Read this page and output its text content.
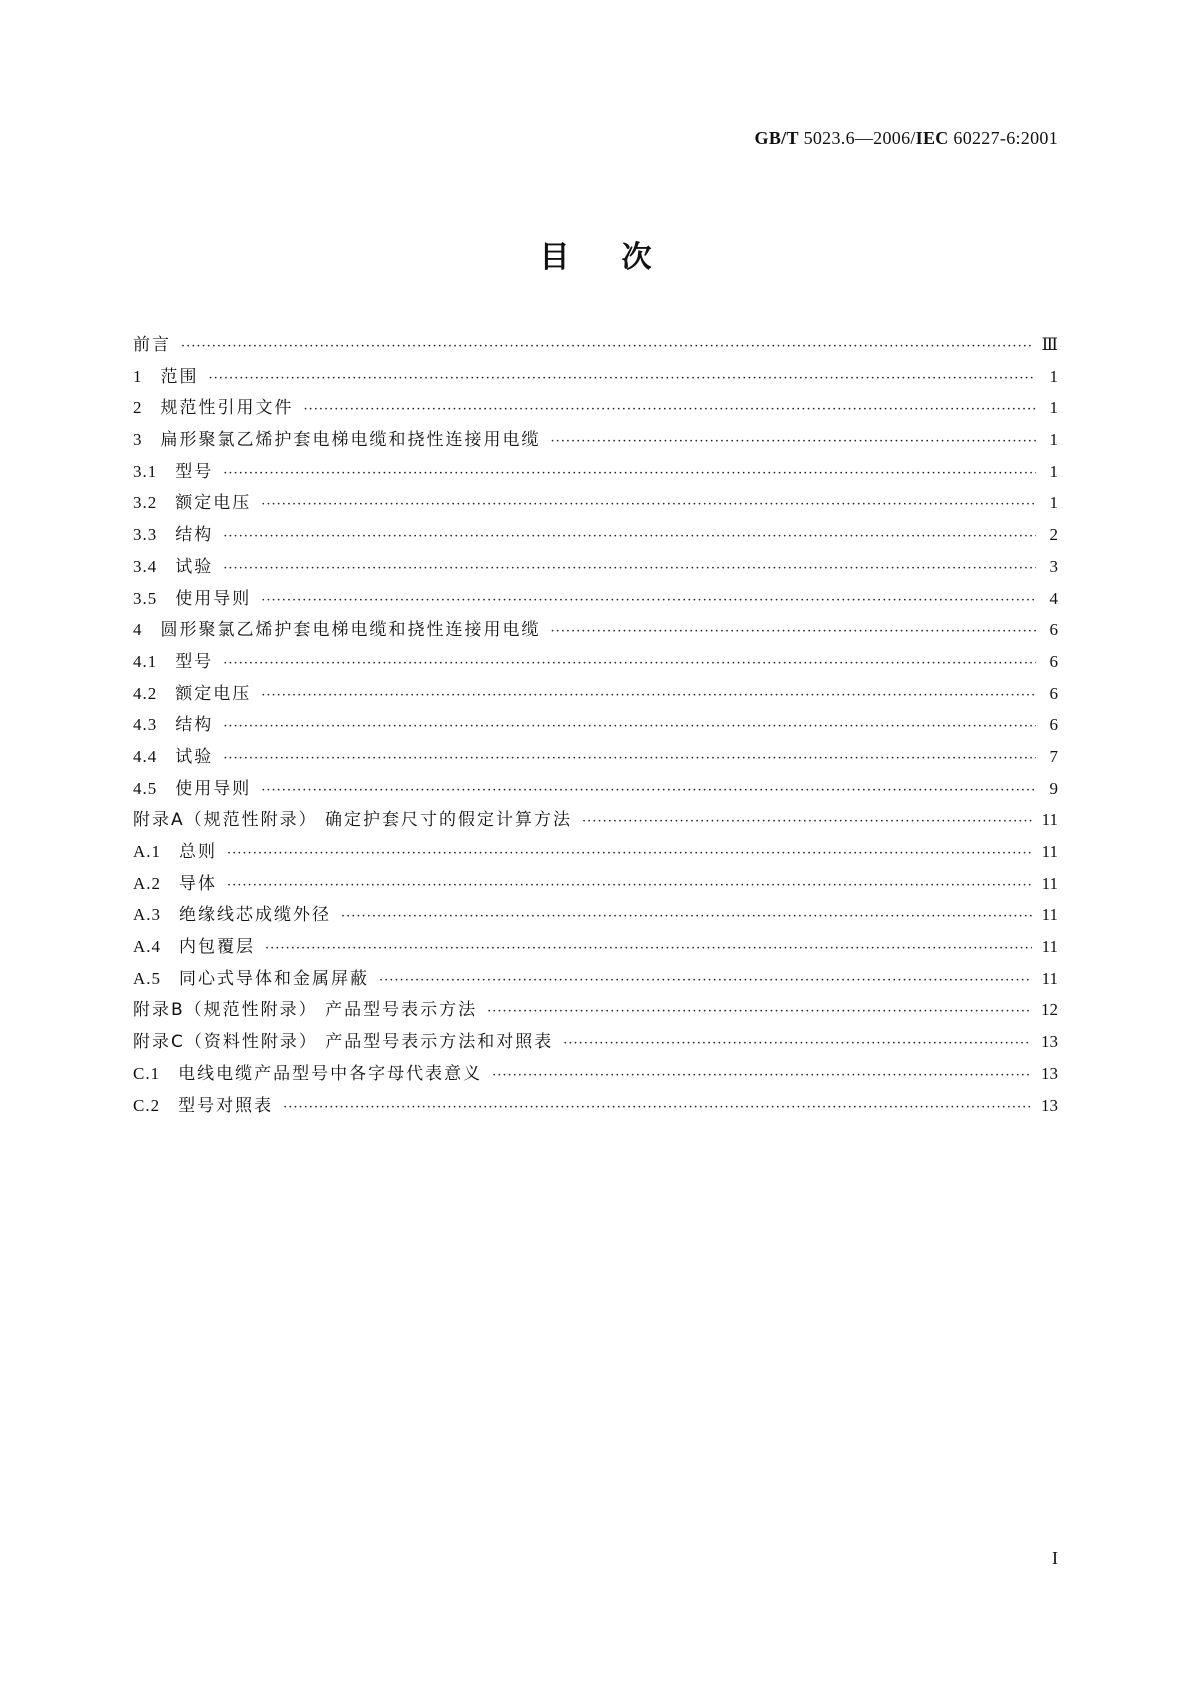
GB/T 5023.6—2006/IEC 60227-6:2001
目次
前言 ·····	Ⅲ
1 范围 ·····	1
2 规范性引用文件 ·····	1
3 扁形聚氯乙烯护套电梯电缆和挠性连接用电缆 ·····	1
3.1 型号 ·····	1
3.2 额定电压 ·····	1
3.3 结构 ·····	2
3.4 试验 ·····	3
3.5 使用导则 ·····	4
4 圆形聚氯乙烯护套电梯电缆和挠性连接用电缆 ·····	6
4.1 型号 ·····	6
4.2 额定电压 ·····	6
4.3 结构 ·····	6
4.4 试验 ·····	7
4.5 使用导则 ·····	9
附录A（规范性附录） 确定护套尺寸的假定计算方法 ·····	11
A.1 总则 ·····	11
A.2 导体 ·····	11
A.3 绝缘线芯成缆外径 ·····	11
A.4 内包覆层 ·····	11
A.5 同心式导体和金属屏蔽 ·····	11
附录B（规范性附录） 产品型号表示方法 ·····	12
附录C（资料性附录） 产品型号表示方法和对照表 ·····	13
C.1 电线电缆产品型号中各字母代表意义 ·····	13
C.2 型号对照表 ·····	13
I
